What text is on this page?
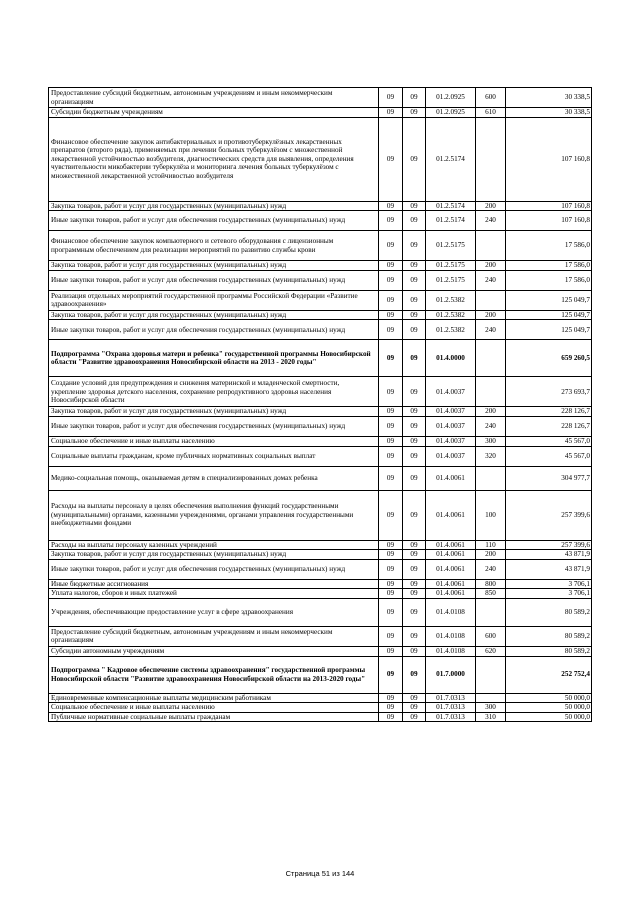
Предоставление субсидий бюджетным, автономным учреждениям и иным некоммерческим организациям	09	09	01.2.0925	600	30 338,5
Субсидии бюджетным учреждениям	09	09	01.2.0925	610	30 338,5
Финансовое обеспечение закупок антибактериальных и противотуберкулёзных лекарственных препаратов (второго ряда), применяемых при лечении больных туберкулёзом с множественной лекарственной устойчивостью возбудителя, диагностических средств для выявления, определения чувствительности микобактерии туберкулёза и мониторинга лечения больных туберкулёзом с множественной лекарственной устойчивостью возбудителя	09	09	01.2.5174		107 160,8
Закупка товаров, работ и услуг для государственных (муниципальных) нужд	09	09	01.2.5174	200	107 160,8
Иные закупки товаров, работ и услуг для обеспечения государственных (муниципальных) нужд	09	09	01.2.5174	240	107 160,8
Финансовое обеспечение закупок компьютерного и сетевого оборудования с лицензионным программным обеспечением для реализации мероприятий по развитию службы крови	09	09	01.2.5175		17 586,0
Закупка товаров, работ и услуг для государственных (муниципальных) нужд	09	09	01.2.5175	200	17 586,0
Иные закупки товаров, работ и услуг для обеспечения государственных (муниципальных) нужд	09	09	01.2.5175	240	17 586,0
Реализация отдельных мероприятий государственной программы Российской Федерации «Развитие здравоохранения»	09	09	01.2.5382		125 049,7
Закупка товаров, работ и услуг для государственных (муниципальных) нужд	09	09	01.2.5382	200	125 049,7
Иные закупки товаров, работ и услуг для обеспечения государственных (муниципальных) нужд	09	09	01.2.5382	240	125 049,7
Подпрограмма "Охрана здоровья матери и ребенка" государственной программы Новосибирской области "Развитие здравоохранения Новосибирской области на 2013 - 2020 годы"	09	09	01.4.0000		659 260,5
Создание условий для предупреждения и снижения материнской и младенческой смертности, укрепление здоровья детского населения, сохранение репродуктивного здоровья населения Новосибирской области	09	09	01.4.0037		273 693,7
Закупка товаров, работ и услуг для государственных (муниципальных) нужд	09	09	01.4.0037	200	228 126,7
Иные закупки товаров, работ и услуг для обеспечения государственных (муниципальных) нужд	09	09	01.4.0037	240	228 126,7
Социальное обеспечение и иные выплаты населению	09	09	01.4.0037	300	45 567,0
Социальные выплаты гражданам, кроме публичных нормативных социальных выплат	09	09	01.4.0037	320	45 567,0
Медико-социальная помощь, оказываемая детям в специализированных домах ребенка	09	09	01.4.0061		304 977,7
Расходы на выплаты персоналу в целях обеспечения выполнения функций государственными (муниципальными) органами, казенными учреждениями, органами управления государственными внебюджетными фондами	09	09	01.4.0061	100	257 399,6
Расходы на выплаты персоналу казенных учреждений	09	09	01.4.0061	110	257 399,6
Закупка товаров, работ и услуг для государственных (муниципальных) нужд	09	09	01.4.0061	200	43 871,9
Иные закупки товаров, работ и услуг для обеспечения государственных (муниципальных) нужд	09	09	01.4.0061	240	43 871,9
Иные бюджетные ассигнования	09	09	01.4.0061	800	3 706,1
Уплата налогов, сборов и иных платежей	09	09	01.4.0061	850	3 706,1
Учреждения, обеспечивающие предоставление услуг в сфере здравоохранения	09	09	01.4.0108		80 589,2
Предоставление субсидий бюджетным, автономным учреждениям и иным некоммерческим организациям	09	09	01.4.0108	600	80 589,2
Субсидии автономным учреждениям	09	09	01.4.0108	620	80 589,2
Подпрограмма " Кадровое обеспечение системы здравоохранения" государственной программы Новосибирской области "Развитие здравоохранения Новосибирской области на 2013-2020 годы"	09	09	01.7.0000		252 752,4
Единовременные компенсационные выплаты медицинским работникам	09	09	01.7.0313		50 000,0
Социальное обеспечение и иные выплаты населению	09	09	01.7.0313	300	50 000,0
Публичные нормативные социальные выплаты гражданам	09	09	01.7.0313	310	50 000,0
Страница 51 из 144
